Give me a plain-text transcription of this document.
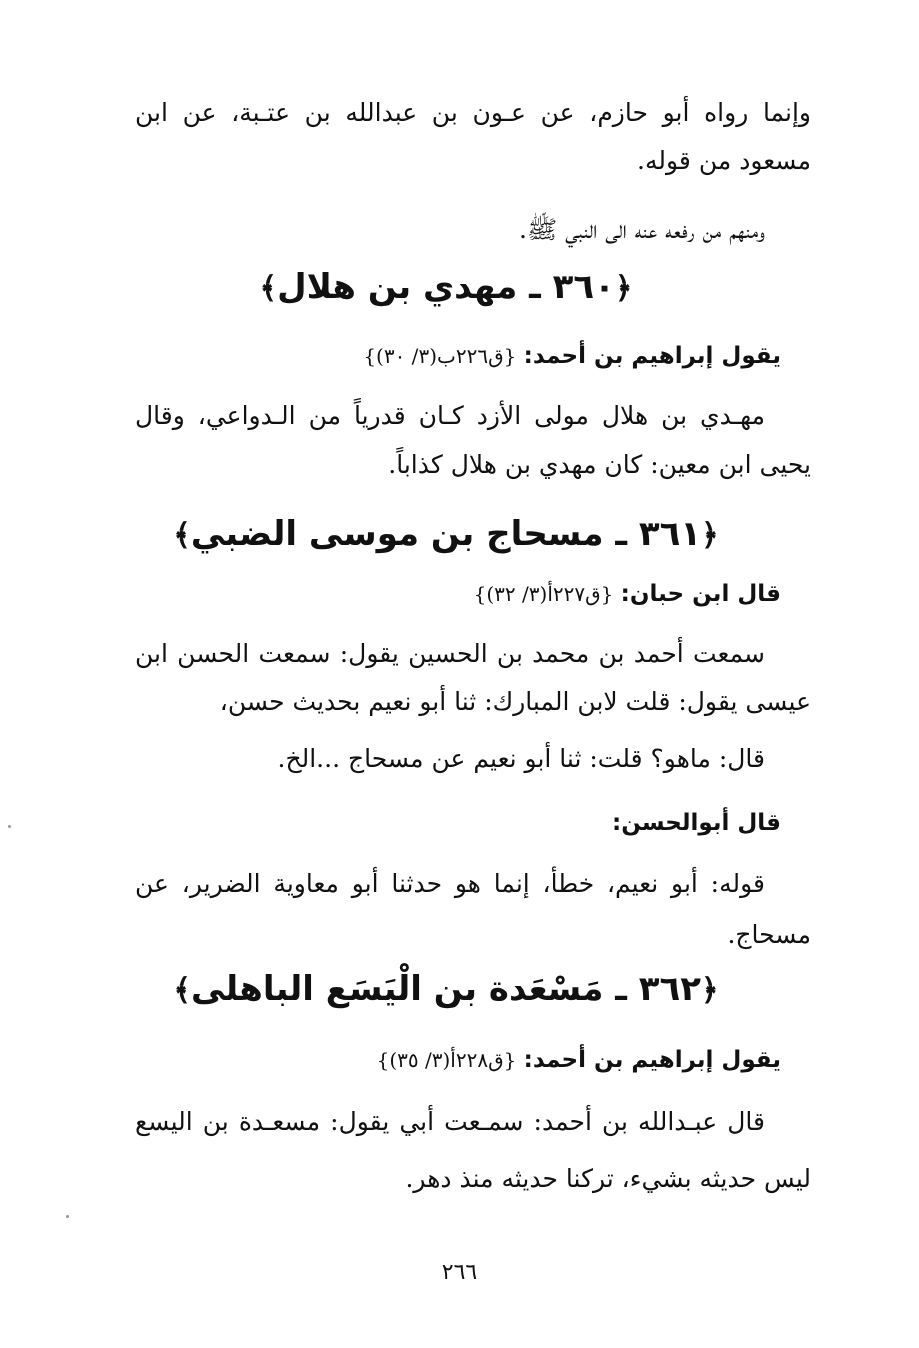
وإنما رواه أبو حازم، عن عـون بن عبدالله بن عتـبة، عن ابن
مسعود من قوله.
ومنهم من رفعه عنه الى النبي ﷺ.
﴿٣٦٠ ـ مهدي بن هلال﴾
يقول إبراهيم بن أحمد: {ق٢٢٦ب(٣/ ٣٠)}
مهـدي بن هلال مولى الأزد كـان قدرياً من الـدواعي، وقال
يحيى ابن معين: كان مهدي بن هلال كذاباً.
﴿٣٦١ ـ مسحاج بن موسى الضبي﴾
قال ابن حبان: {ق٢٢٧أ(٣/ ٣٢)}
سمعت أحمد بن محمد بن الحسين يقول: سمعت الحسن ابن
عيسى يقول: قلت لابن المبارك: ثنا أبو نعيم بحديث حسن،
قال: ماهو؟ قلت: ثنا أبو نعيم عن مسحاج ...الخ.
قال أبوالحسن:
قوله: أبو نعيم، خطأ، إنما هو حدثنا أبو معاوية الضرير، عن
مسحاج.
﴿٣٦٢ ـ مَسْعَدة بن الْيَسَع الباهلى﴾
يقول إبراهيم بن أحمد: {ق٢٢٨أ(٣/ ٣٥)}
قال عبـدالله بن أحمد: سمـعت أبي يقول: مسعـدة بن اليسع
ليس حديثه بشيء، تركنا حديثه منذ دهر.
٢٦٦
